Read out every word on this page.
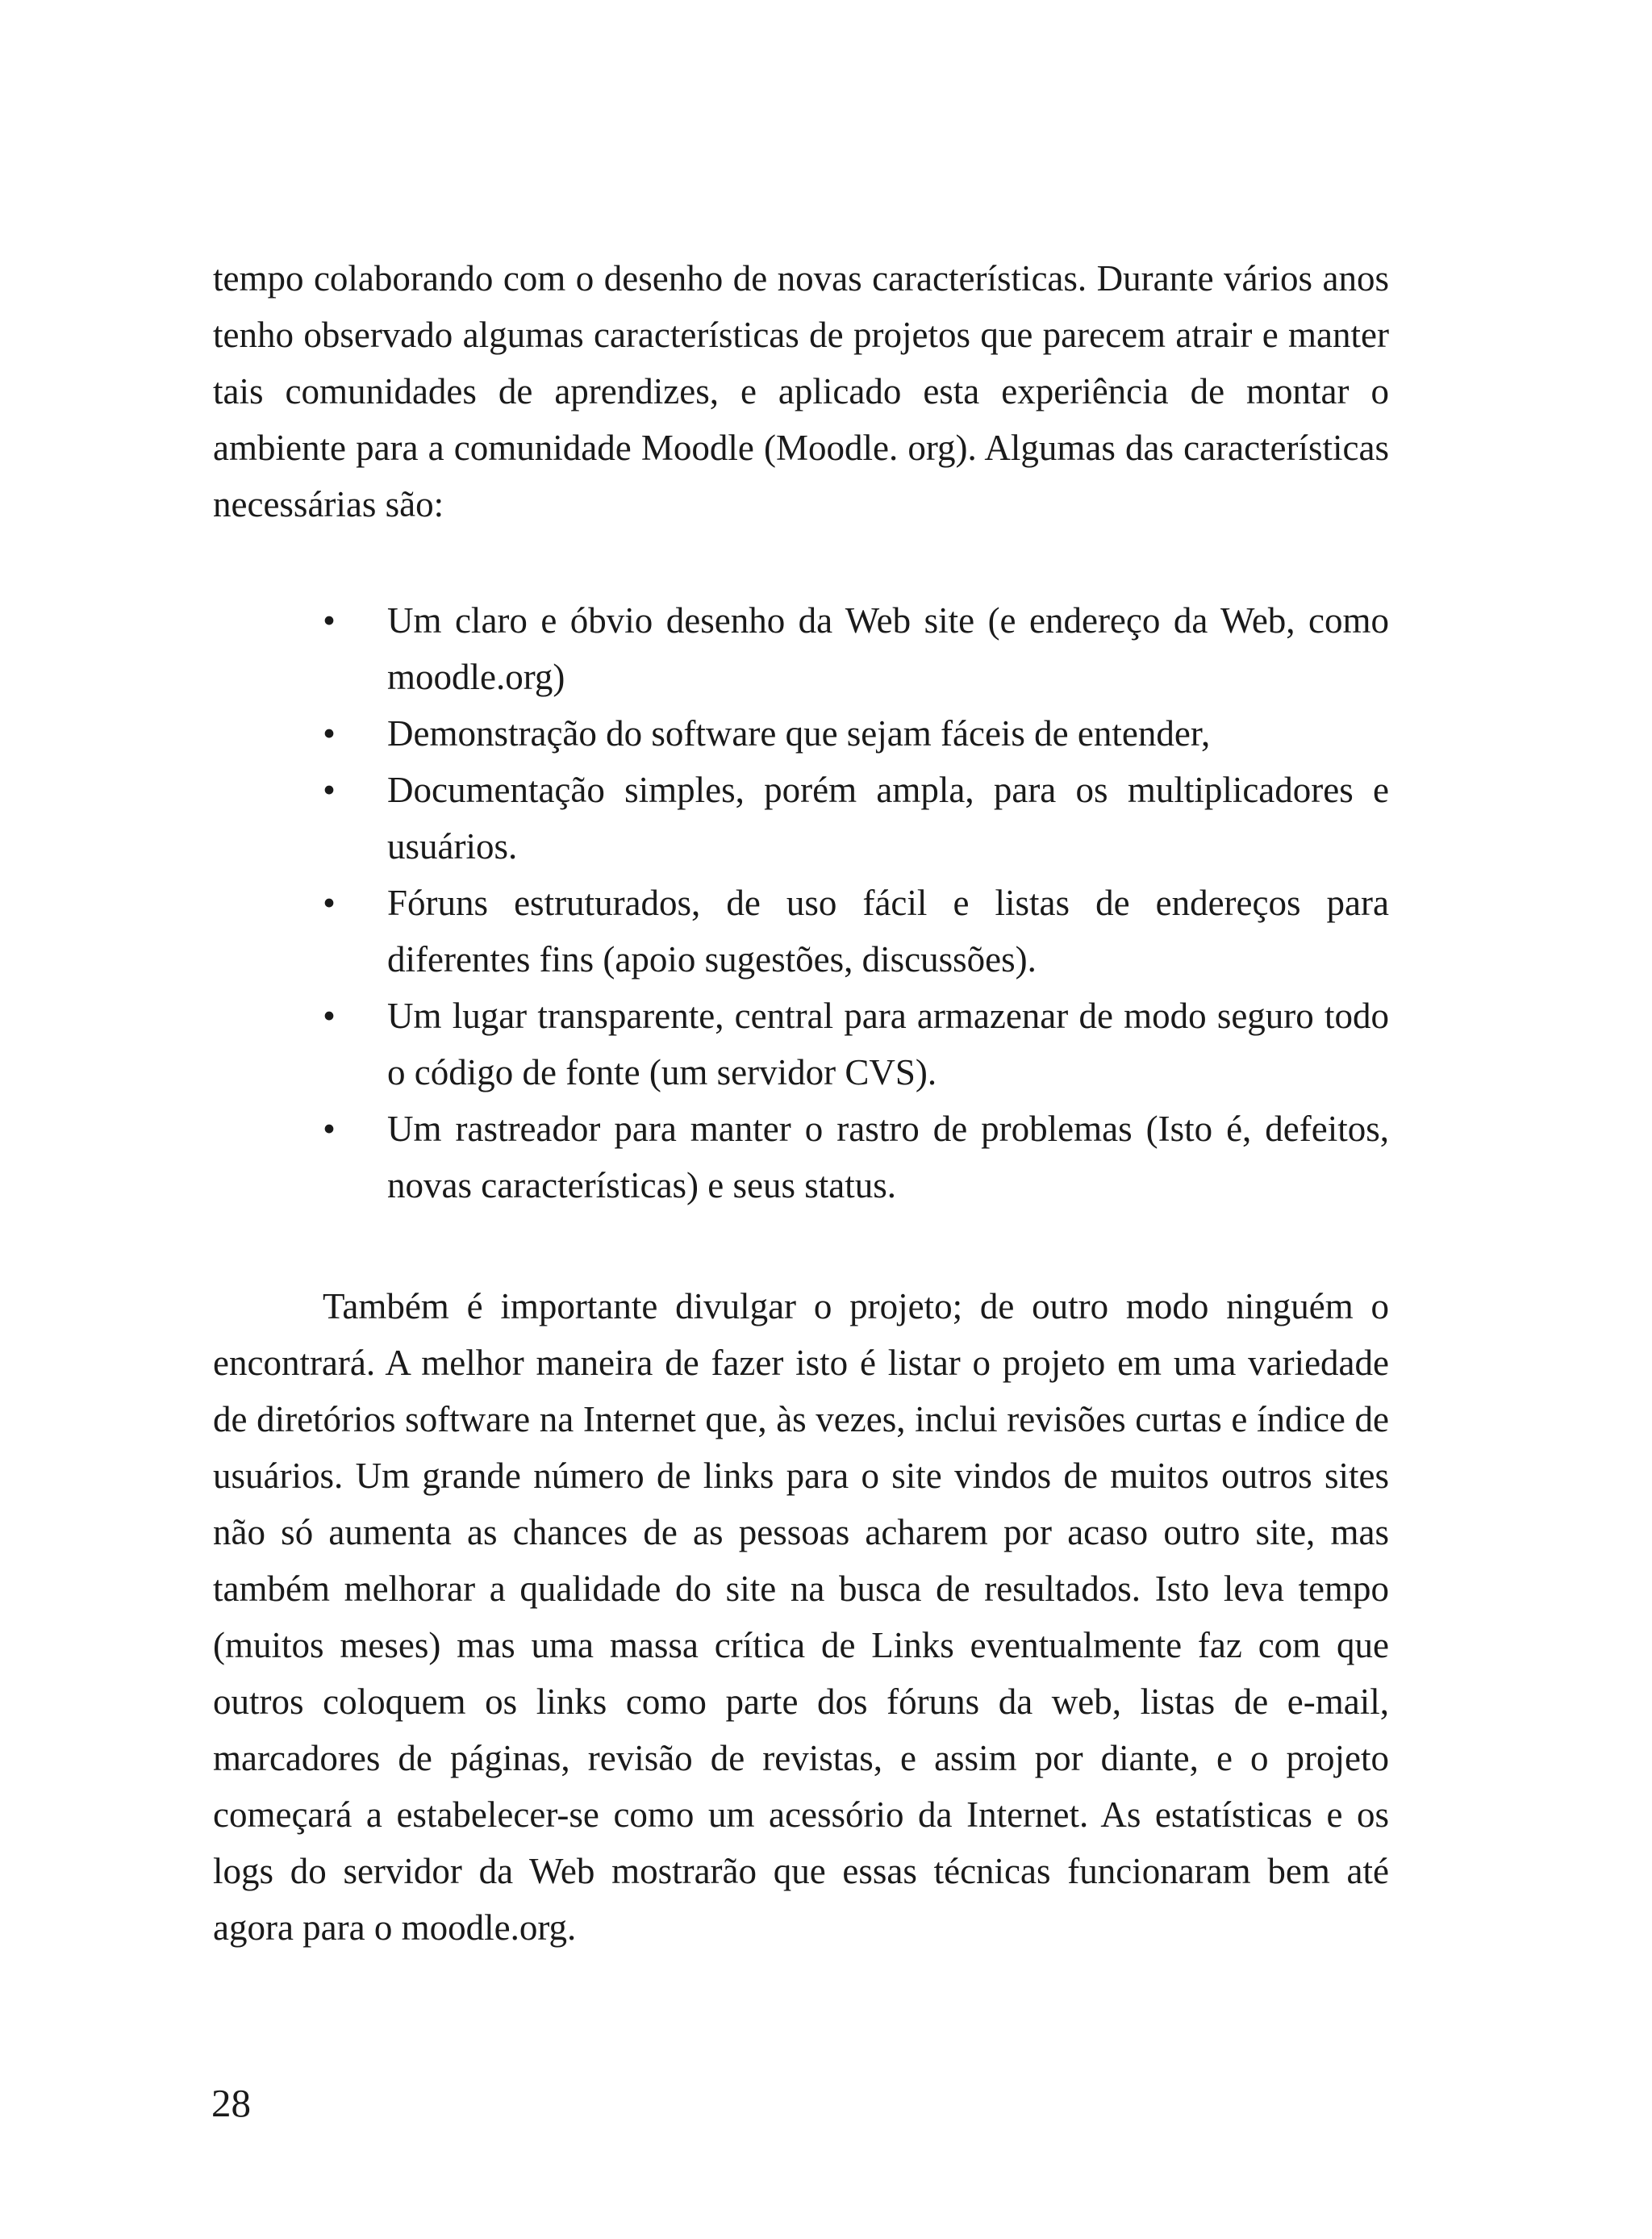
tempo colaborando com o desenho de novas características. Durante vários anos tenho observado algumas características de projetos que parecem atrair e manter tais comunidades de aprendizes, e aplicado esta experiência de montar o ambiente para a comunidade Moodle (Moodle. org). Algumas das características necessárias são:

• Um claro e óbvio desenho da Web site (e endereço da Web, como moodle.org)
• Demonstração do software que sejam fáceis de entender,
• Documentação simples, porém ampla, para os multiplicadores e usuários.
• Fóruns estruturados, de uso fácil e listas de endereços para diferentes fins (apoio sugestões, discussões).
• Um lugar transparente, central para armazenar de modo seguro todo o código de fonte (um servidor CVS).
• Um rastreador para manter o rastro de problemas (Isto é, defeitos, novas características) e seus status.

Também é importante divulgar o projeto; de outro modo ninguém o encontrará. A melhor maneira de fazer isto é listar o projeto em uma variedade de diretórios software na Internet que, às vezes, inclui revisões curtas e índice de usuários. Um grande número de links para o site vindos de muitos outros sites não só aumenta as chances de as pessoas acharem por acaso outro site, mas também melhorar a qualidade do site na busca de resultados. Isto leva tempo (muitos meses) mas uma massa crítica de Links eventualmente faz com que outros coloquem os links como parte dos fóruns da web, listas de e-mail, marcadores de páginas, revisão de revistas, e assim por diante, e o projeto começará a estabelecer-se como um acessório da Internet. As estatísticas e os logs do servidor da Web mostrarão que essas técnicas funcionaram bem até agora para o moodle.org.

28
